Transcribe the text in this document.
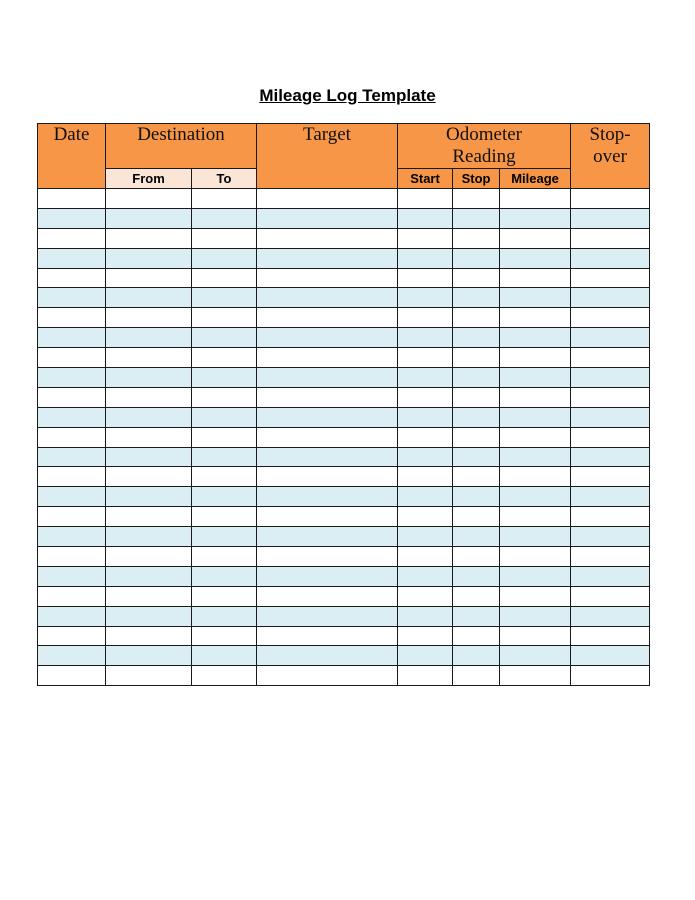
Mileage Log Template
Date	Destination		Target	Odometer Reading			Stop-over
	From	To		Start	Stop	Mileage	
